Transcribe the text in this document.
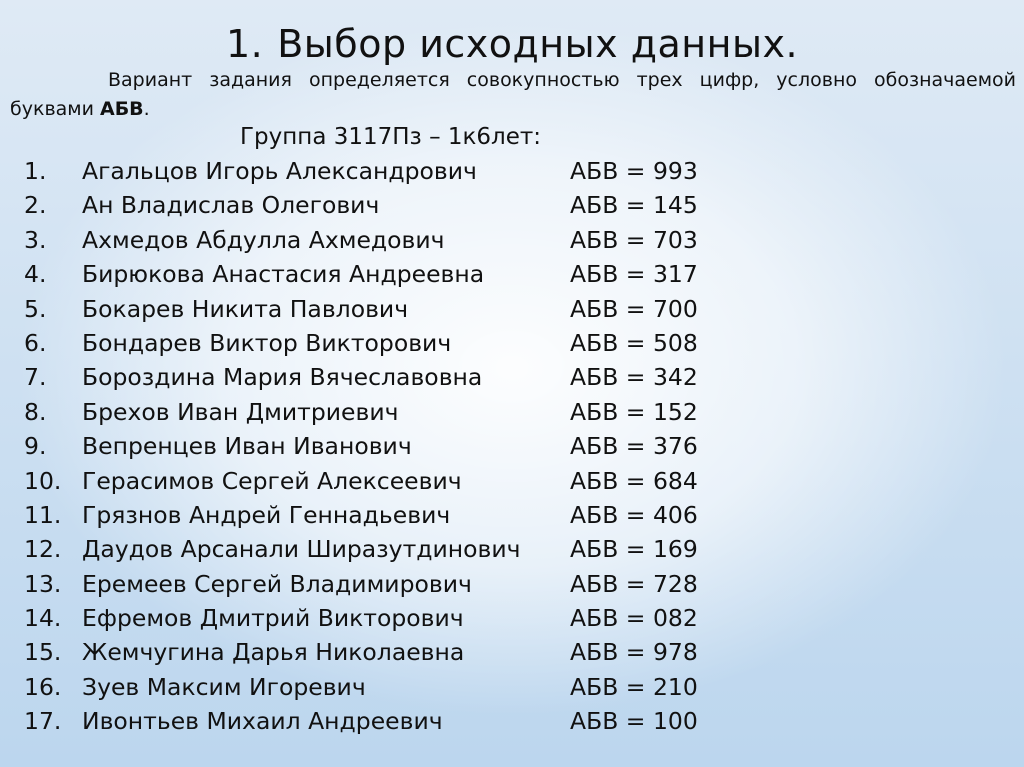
1. Выбор исходных данных.
Вариант задания определяется совокупностью трех цифр, условно обозначаемой буквами АБВ.
Группа 3117Пз – 1к6лет:
1.	Агальцов Игорь Александрович	АБВ = 993
2.	Ан Владислав Олегович	АБВ = 145
3.	Ахмедов Абдулла Ахмедович	АБВ = 703
4.	Бирюкова Анастасия Андреевна	АБВ = 317
5.	Бокарев Никита Павлович	АБВ = 700
6.	Бондарев Виктор Викторович	АБВ = 508
7.	Бороздина Мария Вячеславовна	АБВ = 342
8.	Брехов Иван Дмитриевич	АБВ = 152
9.	Вепренцев Иван Иванович	АБВ = 376
10. Герасимов Сергей Алексеевич	АБВ = 684
11. Грязнов Андрей Геннадьевич	АБВ = 406
12. Даудов Арсанали Ширазутдинович АБВ = 169
13. Еремеев Сергей Владимирович	АБВ = 728
14. Ефремов Дмитрий Викторович	АБВ = 082
15. Жемчугина Дарья Николаевна	АБВ = 978
16. Зуев Максим Игоревич	АБВ = 210
17. Ивонтьев Михаил Андреевич	АБВ = 100
